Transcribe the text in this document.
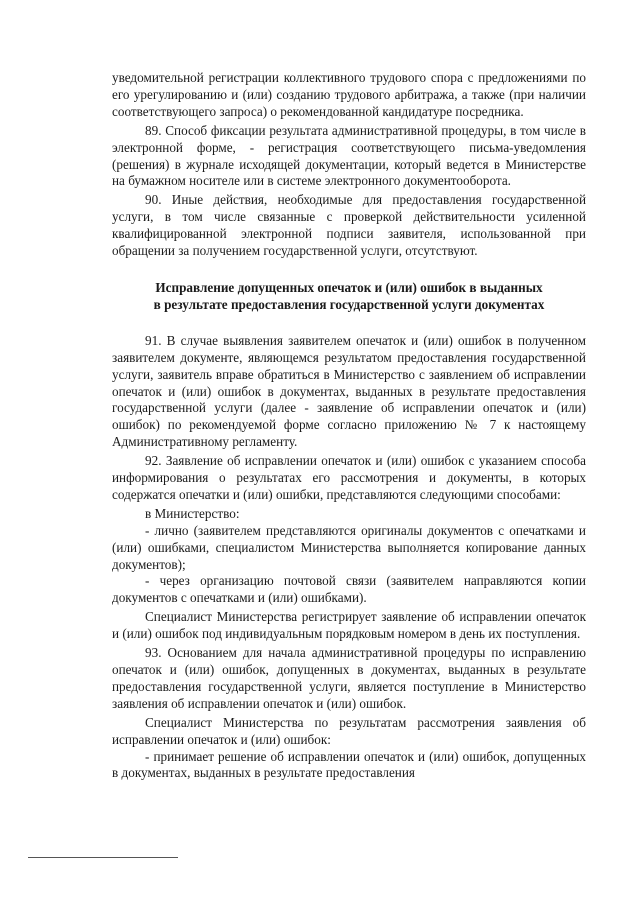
уведомительной регистрации коллективного трудового спора с предложениями по его урегулированию и (или) созданию трудового арбитража, а также (при наличии соответствующего запроса) о рекомендованной кандидатуре посредника.

89. Способ фиксации результата административной процедуры, в том числе в электронной форме, - регистрация соответствующего письма-уведомления (решения) в журнале исходящей документации, который ведется в Министерстве на бумажном носителе или в системе электронного документооборота.

90. Иные действия, необходимые для предоставления государственной услуги, в том числе связанные с проверкой действительности усиленной квалифицированной электронной подписи заявителя, использованной при обращении за получением государственной услуги, отсутствуют.

Исправление допущенных опечаток и (или) ошибок в выданных
в результате предоставления государственной услуги документах

91. В случае выявления заявителем опечаток и (или) ошибок в полученном заявителем документе, являющемся результатом предоставления государственной услуги, заявитель вправе обратиться в Министерство с заявлением об исправлении опечаток и (или) ошибок в документах, выданных в результате предоставления государственной услуги (далее - заявление об исправлении опечаток и (или) ошибок) по рекомендуемой форме согласно приложению № 7 к настоящему Административному регламенту.

92. Заявление об исправлении опечаток и (или) ошибок с указанием способа информирования о результатах его рассмотрения и документы, в которых содержатся опечатки и (или) ошибки, представляются следующими способами:

в Министерство:

- лично (заявителем представляются оригиналы документов с опечатками и (или) ошибками, специалистом Министерства выполняется копирование данных документов);

- через организацию почтовой связи (заявителем направляются копии документов с опечатками и (или) ошибками).

Специалист Министерства регистрирует заявление об исправлении опечаток и (или) ошибок под индивидуальным порядковым номером в день их поступления.

93. Основанием для начала административной процедуры по исправлению опечаток и (или) ошибок, допущенных в документах, выданных в результате предоставления государственной услуги, является поступление в Министерство заявления об исправлении опечаток и (или) ошибок.

Специалист Министерства по результатам рассмотрения заявления об исправлении опечаток и (или) ошибок:

- принимает решение об исправлении опечаток и (или) ошибок, допущенных в документах, выданных в результате предоставления
